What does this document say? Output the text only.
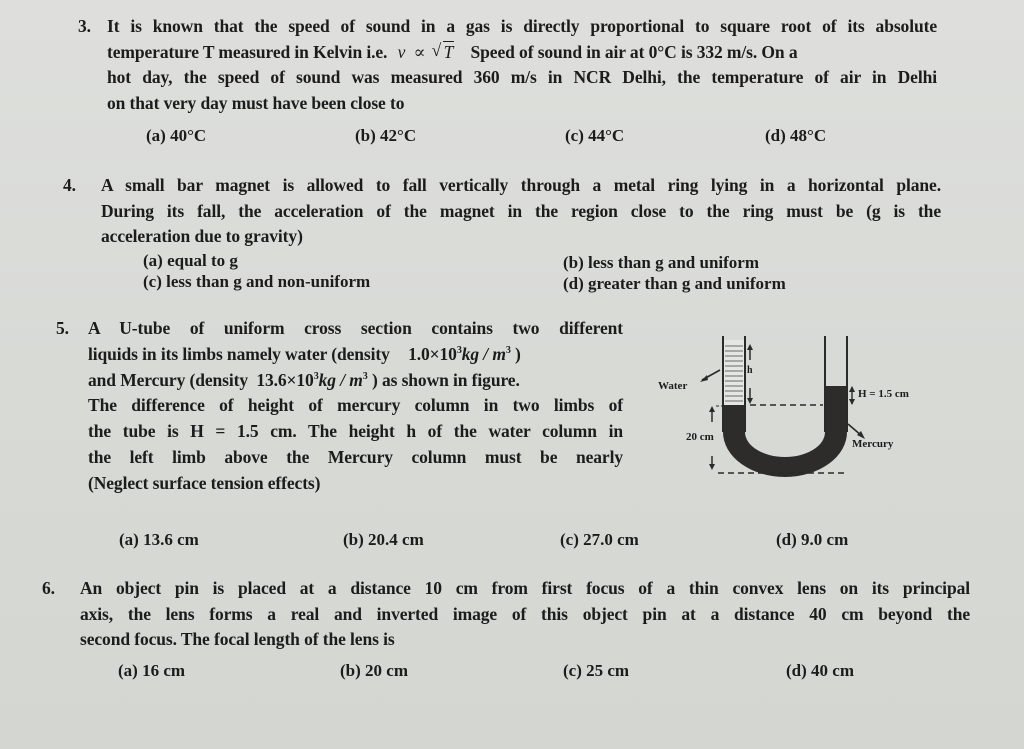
3. It is known that the speed of sound in a gas is directly proportional to square root of its absolute

temperature T measured in Kelvin i.e. v ∝ √ T Speed of sound in air at 0°C is 332 m/s. On a

hot day, the speed of sound was measured 360 m/s in NCR Delhi, the temperature of air in Delhi

on that very day must have been close to

(a) 40°C	(b) 42°C	(c) 44°C	(d) 48°C
4. A small bar magnet is allowed to fall vertically through a metal ring lying in a horizontal plane.

During its fall, the acceleration of the magnet in the region close to the ring must be (g is the

acceleration due to gravity)

(a) equal to g	(b) less than g and uniform
(c) less than g and non-uniform	(d) greater than g and uniform
5. A U-tube of uniform cross section contains two different

liquids in its limbs namely water (density $1.0\times 10^3kg / m^3$ )

and Mercury (density $13.6\times 10^3kg / m^3$ ) as shown in figure.

The difference of height of mercury column in two limbs of

the tube is H = 1.5 cm. The height h of the water column in

the left limb above the Mercury column must be nearly

(Neglect surface tension effects)

(a) 13.6 cm	(b) 20.4 cm	(c) 27.0 cm	(d) 9.0 cm
Water
h
H = 1.5 cm
20 cm
Mercury
6. An object pin is placed at a distance 10 cm from first focus of a thin convex lens on its principal

axis, the lens forms a real and inverted image of this object pin at a distance 40 cm beyond the

second focus. The focal length of the lens is

(a) 16 cm	(b) 20 cm	(c) 25 cm	(d) 40 cm
